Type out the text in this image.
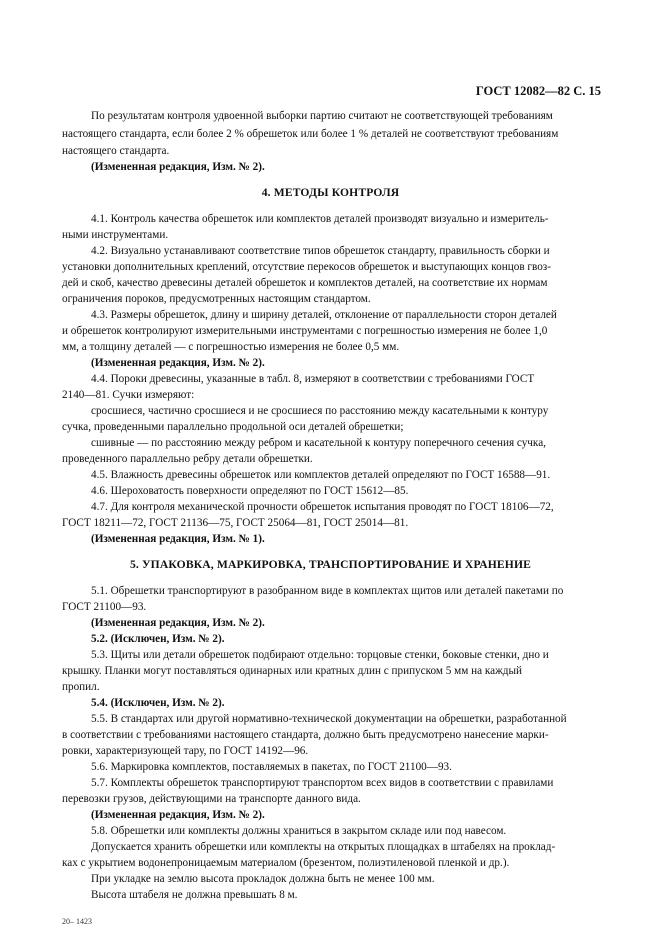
ГОСТ 12082—82 С. 15
По результатам контроля удвоенной выборки партию считают не соответствующей требованиям
настоящего стандарта, если более 2 % обрешеток или более 1 % деталей не соответствуют требованиям
настоящего стандарта.
(Измененная редакция, Изм. № 2).
4. МЕТОДЫ КОНТРОЛЯ
4.1. Контроль качества обрешеток или комплектов деталей производят визуально и измеритель-
ными инструментами.
4.2. Визуально устанавливают соответствие типов обрешеток стандарту, правильность сборки и
установки дополнительных креплений, отсутствие перекосов обрешеток и выступающих концов гвоз-
дей и скоб, качество древесины деталей обрешеток и комплектов деталей, на соответствие их нормам
ограничения пороков, предусмотренных настоящим стандартом.
4.3. Размеры обрешеток, длину и ширину деталей, отклонение от параллельности сторон деталей
и обрешеток контролируют измерительными инструментами с погрешностью измерения не более 1,0
мм, а толщину деталей — с погрешностью измерения не более 0,5 мм.
(Измененная редакция, Изм. № 2).
4.4. Пороки древесины, указанные в табл. 8, измеряют в соответствии с требованиями ГОСТ
2140—81. Сучки измеряют:
сросшиеся, частично сросшиеся и не сросшиеся по расстоянию между касательными к контуру
сучка, проведенными параллельно продольной оси деталей обрешетки;
сшивные — по расстоянию между ребром и касательной к контуру поперечного сечения сучка,
проведенного параллельно ребру детали обрешетки.
4.5. Влажность древесины обрешеток или комплектов деталей определяют по ГОСТ 16588—91.
4.6. Шероховатость поверхности определяют по ГОСТ 15612—85.
4.7. Для контроля механической прочности обрешеток испытания проводят по ГОСТ 18106—72,
ГОСТ 18211—72, ГОСТ 21136—75, ГОСТ 25064—81, ГОСТ 25014—81.
(Измененная редакция, Изм. № 1).
5. УПАКОВКА, МАРКИРОВКА, ТРАНСПОРТИРОВАНИЕ И ХРАНЕНИЕ
5.1. Обрешетки транспортируют в разобранном виде в комплектах щитов или деталей пакетами по
ГОСТ 21100—93.
(Измененная редакция, Изм. № 2).
5.2. (Исключен, Изм. № 2).
5.3. Щиты или детали обрешеток подбирают отдельно: торцовые стенки, боковые стенки, дно и
крышку. Планки могут поставляться одинарных или кратных длин с припуском 5 мм на каждый
пропил.
5.4. (Исключен, Изм. № 2).
5.5. В стандартах или другой нормативно-технической документации на обрешетки, разработанной
в соответствии с требованиями настоящего стандарта, должно быть предусмотрено нанесение марки-
ровки, характеризующей тару, по ГОСТ 14192—96.
5.6. Маркировка комплектов, поставляемых в пакетах, по ГОСТ 21100—93.
5.7. Комплекты обрешеток транспортируют транспортом всех видов в соответствии с правилами
перевозки грузов, действующими на транспорте данного вида.
(Измененная редакция, Изм. № 2).
5.8. Обрешетки или комплекты должны храниться в закрытом складе или под навесом.
Допускается хранить обрешетки или комплекты на открытых площадках в штабелях на проклад-
ках с укрытием водонепроницаемым материалом (брезентом, полиэтиленовой пленкой и др.).
При укладке на землю высота прокладок должна быть не менее 100 мм.
Высота штабеля не должна превышать 8 м.
20– 1423
